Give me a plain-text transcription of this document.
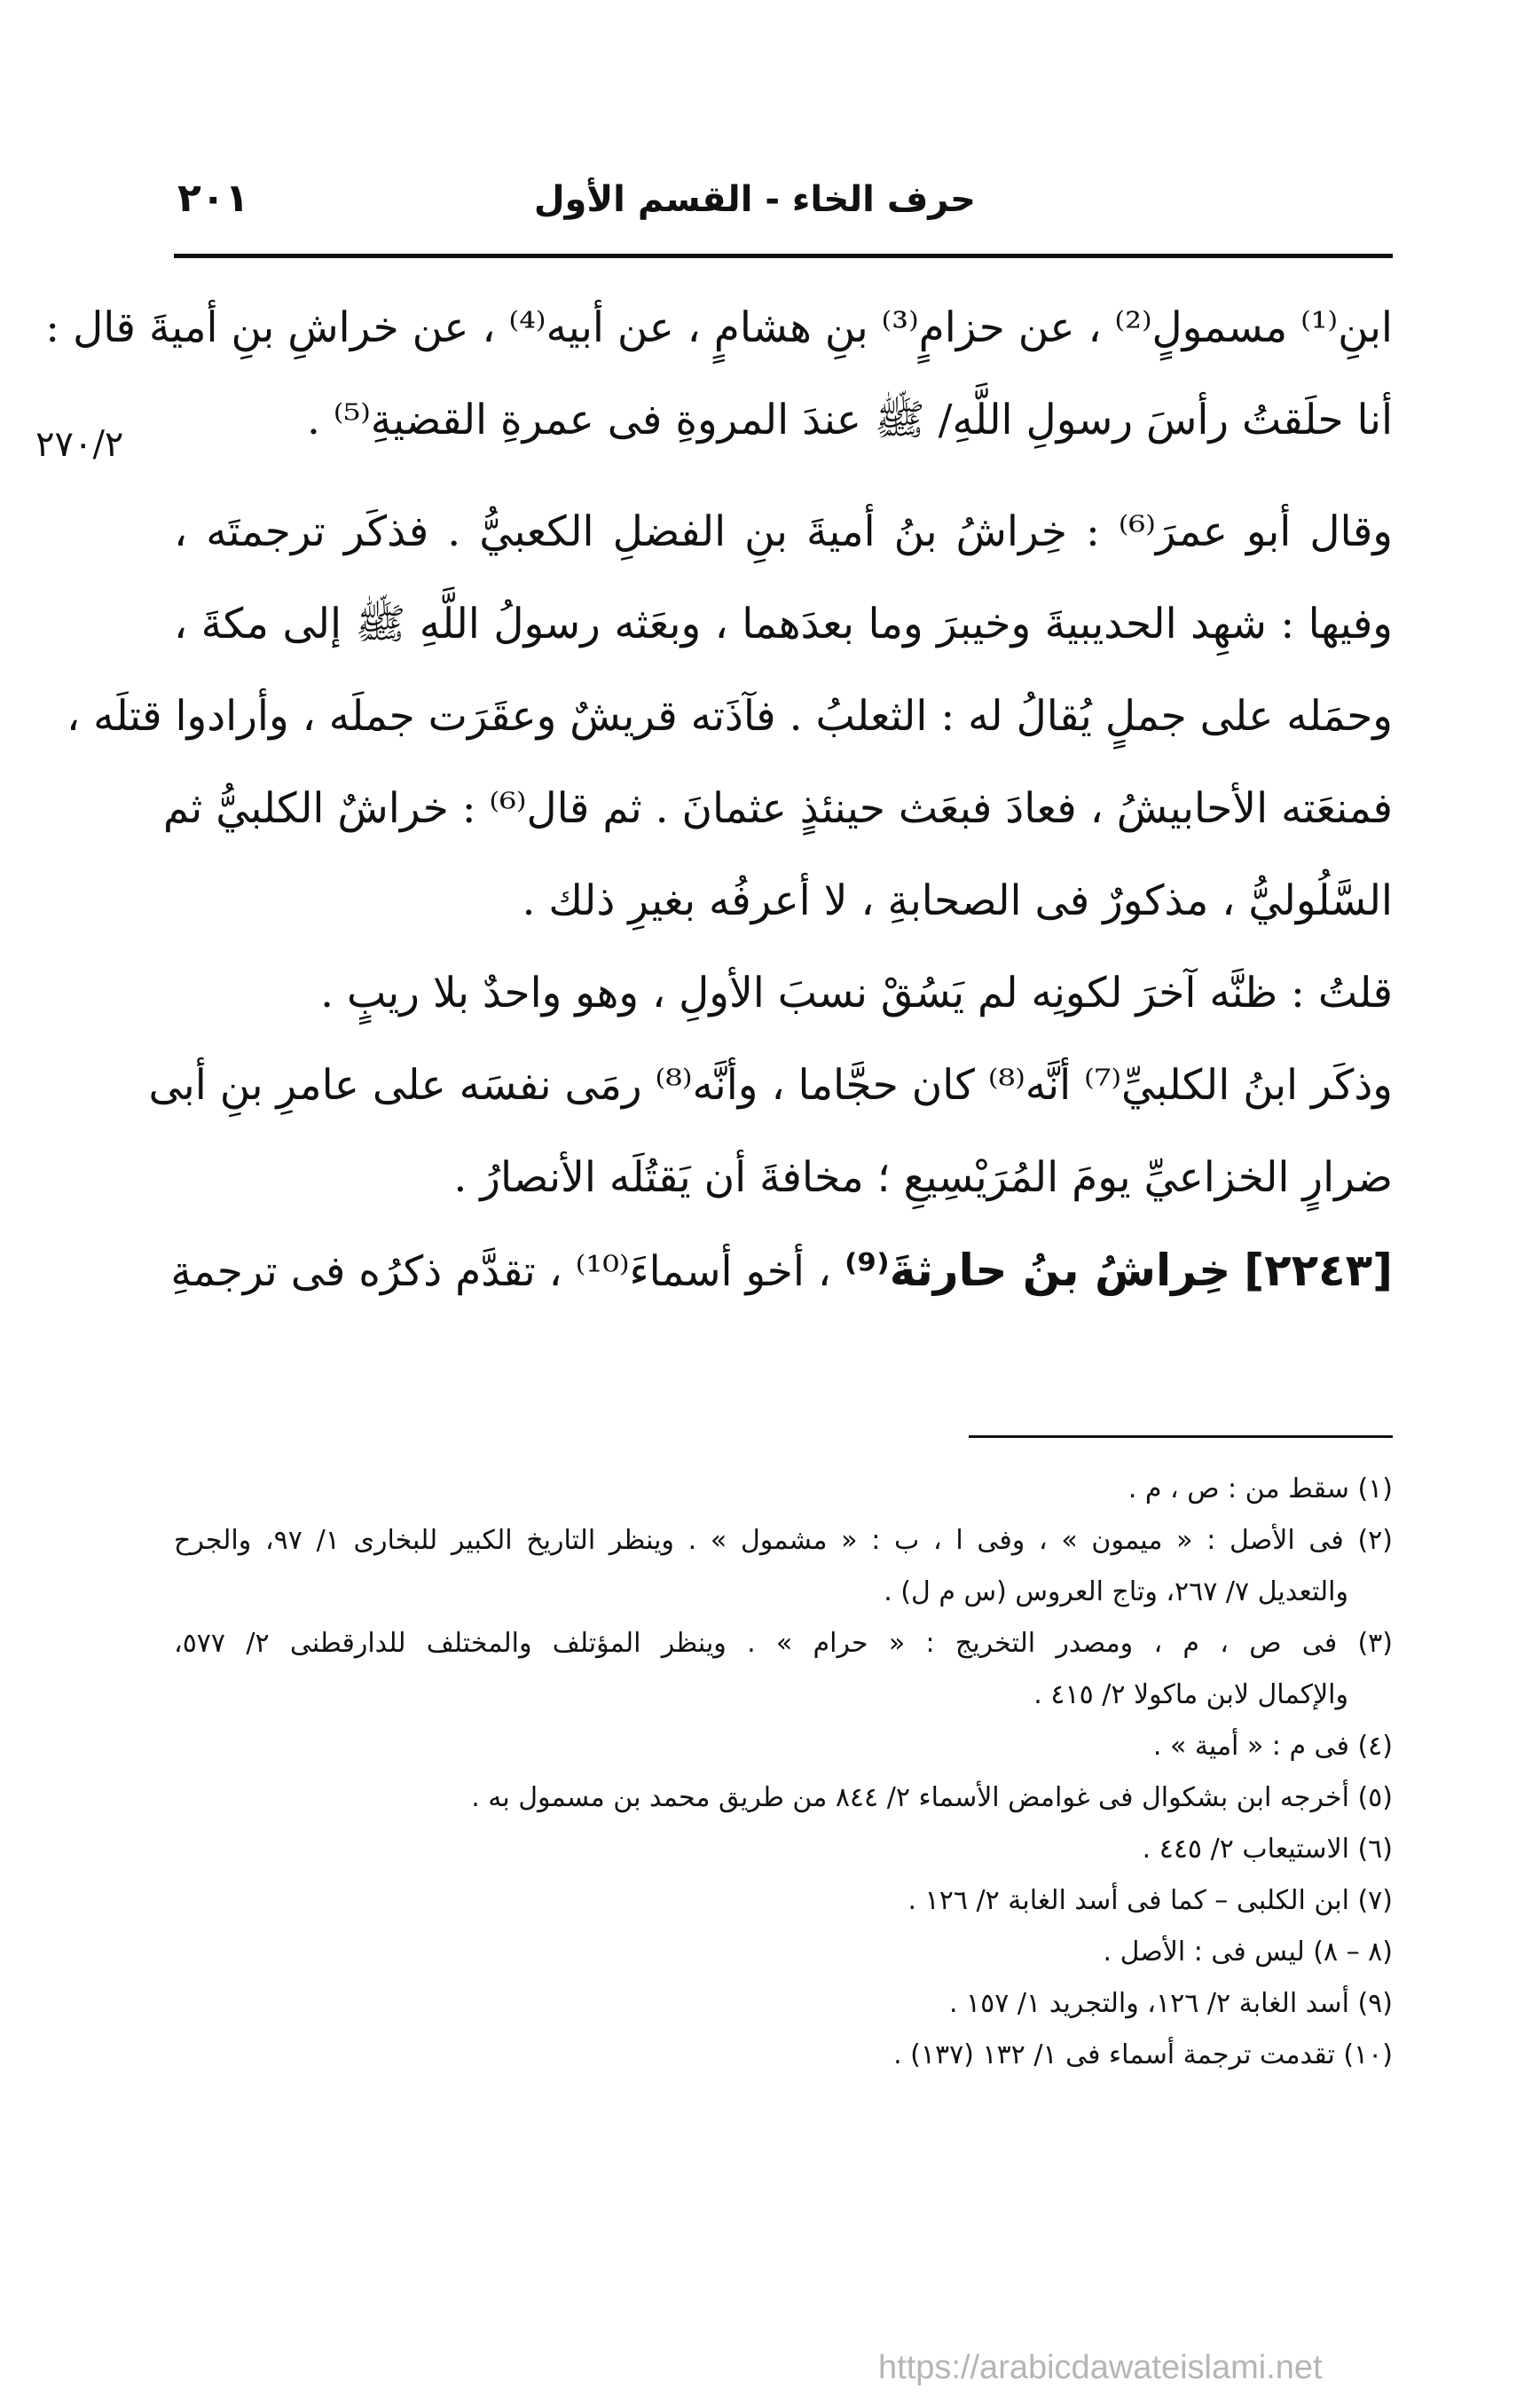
حرف الخاء - القسم الأول
٢٠١
٢٧٠/٢
ابنِ⁽¹⁾ مسمولٍ⁽²⁾ ، عن حزامٍ⁽³⁾ بنِ هشامٍ ، عن أبيه⁽⁴⁾ ، عن خراشِ بنِ أميةَ قال :
أنا حلَقتُ رأسَ رسولِ اللَّهِ/ ﷺ عندَ المروةِ فى عمرةِ القضيةِ⁽⁵⁾ .
وقال أبو عمرَ⁽⁶⁾ : خِراشُ بنُ أميةَ بنِ الفضلِ الكعبيُّ . فذكَر ترجمتَه ،
وفيها : شهِد الحديبيةَ وخيبرَ وما بعدَهما ، وبعَثه رسولُ اللَّهِ ﷺ إلى مكةَ ،
وحمَله على جملٍ يُقالُ له : الثعلبُ . فآذَته قريشٌ وعقَرَت جملَه ، وأرادوا قتلَه ،
فمنعَته الأحابيشُ ، فعادَ فبعَث حينئذٍ عثمانَ . ثم قال⁽⁶⁾ : خراشٌ الكلبيُّ ثم
السَّلُوليُّ ، مذكورٌ فى الصحابةِ ، لا أعرفُه بغيرِ ذلك .
قلتُ : ظنَّه آخرَ لكونِه لم يَسُقْ نسبَ الأولِ ، وهو واحدٌ بلا ريبٍ .
وذكَر ابنُ الكلبيِّ⁽⁷⁾ أنَّه⁽⁸⁾ كان حجَّاما ، وأنَّه⁽⁸⁾ رمَى نفسَه على عامرِ بنِ أبى
ضرارٍ الخزاعيِّ يومَ المُرَيْسِيعِ ؛ مخافةَ أن يَقتُلَه الأنصارُ .
[٢٢٤٣] خِراشُ بنُ حارثةَ⁽⁹⁾ ، أخو أسماءَ⁽¹⁰⁾ ، تقدَّم ذكرُه فى ترجمةِ
(١) سقط من : ص ، م .
(٢) فى الأصل : « ميمون » ، وفى ا ، ب : « مشمول » . وينظر التاريخ الكبير للبخارى ١/ ٩٧، والجرح
والتعديل ٧/ ٢٦٧، وتاج العروس (س م ل) .
(٣) فى ص ، م ، ومصدر التخريج : « حرام » . وينظر المؤتلف والمختلف للدارقطنى ٢/ ٥٧٧،
والإكمال لابن ماكولا ٢/ ٤١٥ .
(٤) فى م : « أمية » .
(٥) أخرجه ابن بشكوال فى غوامض الأسماء ٢/ ٨٤٤ من طريق محمد بن مسمول به .
(٦) الاستيعاب ٢/ ٤٤٥ .
(٧) ابن الكلبى – كما فى أسد الغابة ٢/ ١٢٦ .
(٨ – ٨) ليس فى : الأصل .
(٩) أسد الغابة ٢/ ١٢٦، والتجريد ١/ ١٥٧ .
(١٠) تقدمت ترجمة أسماء فى ١/ ١٣٢ (١٣٧) .
https://arabicdawateislami.net
